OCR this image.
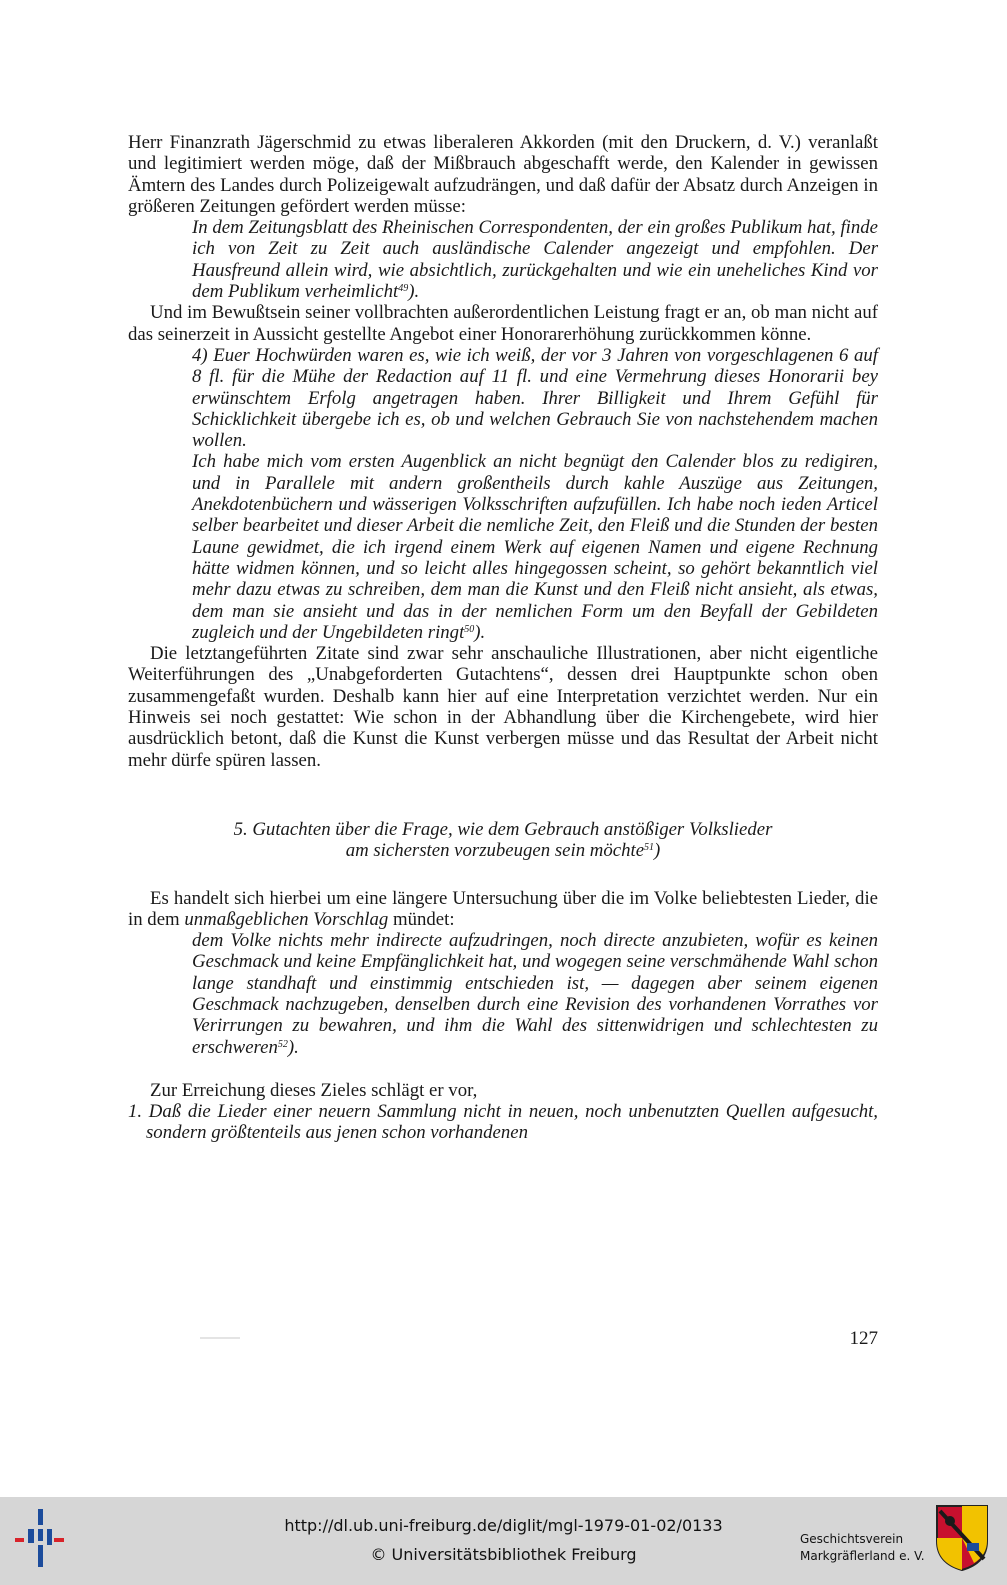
Herr Finanzrath Jägerschmid zu etwas liberaleren Akkorden (mit den Druckern, d. V.) veranlaßt und legitimiert werden möge, daß der Mißbrauch abgeschafft werde, den Kalender in gewissen Ämtern des Landes durch Polizeigewalt aufzudrängen, und daß dafür der Absatz durch Anzeigen in größeren Zeitungen gefördert werden müsse:

In dem Zeitungsblatt des Rheinischen Correspondenten, der ein großes Publikum hat, finde ich von Zeit zu Zeit auch ausländische Calender angezeigt und empfohlen. Der Hausfreund allein wird, wie absichtlich, zurückgehalten und wie ein uneheliches Kind vor dem Publikum verheimlicht$^{49}$).

Und im Bewußtsein seiner vollbrachten außerordentlichen Leistung fragt er an, ob man nicht auf das seinerzeit in Aussicht gestellte Angebot einer Honorarerhöhung zurückkommen könne.

4) Euer Hochwürden waren es, wie ich weiß, der vor 3 Jahren von vorgeschlagenen 6 auf 8 fl. für die Mühe der Redaction auf 11 fl. und eine Vermehrung dieses Honorarii bey erwünschtem Erfolg angetragen haben. Ihrer Billigkeit und Ihrem Gefühl für Schicklichkeit übergebe ich es, ob und welchen Gebrauch Sie von nachstehendem machen wollen.

Ich habe mich vom ersten Augenblick an nicht begnügt den Calender blos zu redigiren, und in Parallele mit andern großentheils durch kahle Auszüge aus Zeitungen, Anekdotenbüchern und wässerigen Volksschriften aufzufüllen. Ich habe noch ieden Articel selber bearbeitet und dieser Arbeit die nemliche Zeit, den Fleiß und die Stunden der besten Laune gewidmet, die ich irgend einem Werk auf eigenen Namen und eigene Rechnung hätte widmen können, und so leicht alles hingegossen scheint, so gehört bekanntlich viel mehr dazu etwas zu schreiben, dem man die Kunst und den Fleiß nicht ansieht, als etwas, dem man sie ansieht und das in der nemlichen Form um den Beyfall der Gebildeten zugleich und der Ungebildeten ringt$^{50}$).

Die letztangeführten Zitate sind zwar sehr anschauliche Illustrationen, aber nicht eigentliche Weiterführungen des „Unabgeforderten Gutachtens“, dessen drei Hauptpunkte schon oben zusammengefaßt wurden. Deshalb kann hier auf eine Interpretation verzichtet werden. Nur ein Hinweis sei noch gestattet: Wie schon in der Abhandlung über die Kirchengebete, wird hier ausdrücklich betont, daß die Kunst die Kunst verbergen müsse und das Resultat der Arbeit nicht mehr dürfe spüren lassen.

5. Gutachten über die Frage, wie dem Gebrauch anstößiger Volkslieder
am sichersten vorzubeugen sein möchte$^{51}$)

Es handelt sich hierbei um eine längere Untersuchung über die im Volke beliebtesten Lieder, die in dem unmaßgeblichen Vorschlag mündet:

dem Volke nichts mehr indirecte aufzudringen, noch directe anzubieten, wofür es keinen Geschmack und keine Empfänglichkeit hat, und wogegen seine verschmähende Wahl schon lange standhaft und einstimmig entschieden ist, — dagegen aber seinem eigenen Geschmack nachzugeben, denselben durch eine Revision des vorhandenen Vorrathes vor Verirrungen zu bewahren, und ihm die Wahl des sittenwidrigen und schlechtesten zu erschweren$^{52}$).

Zur Erreichung dieses Zieles schlägt er vor,

1. Daß die Lieder einer neuern Sammlung nicht in neuen, noch unbenutzten Quellen aufgesucht, sondern größtenteils aus jenen schon vorhandenen

127
http://dl.ub.uni-freiburg.de/diglit/mgl-1979-01-02/0133
© Universitätsbibliothek Freiburg
Geschichtsverein
Markgräflerland e. V.
